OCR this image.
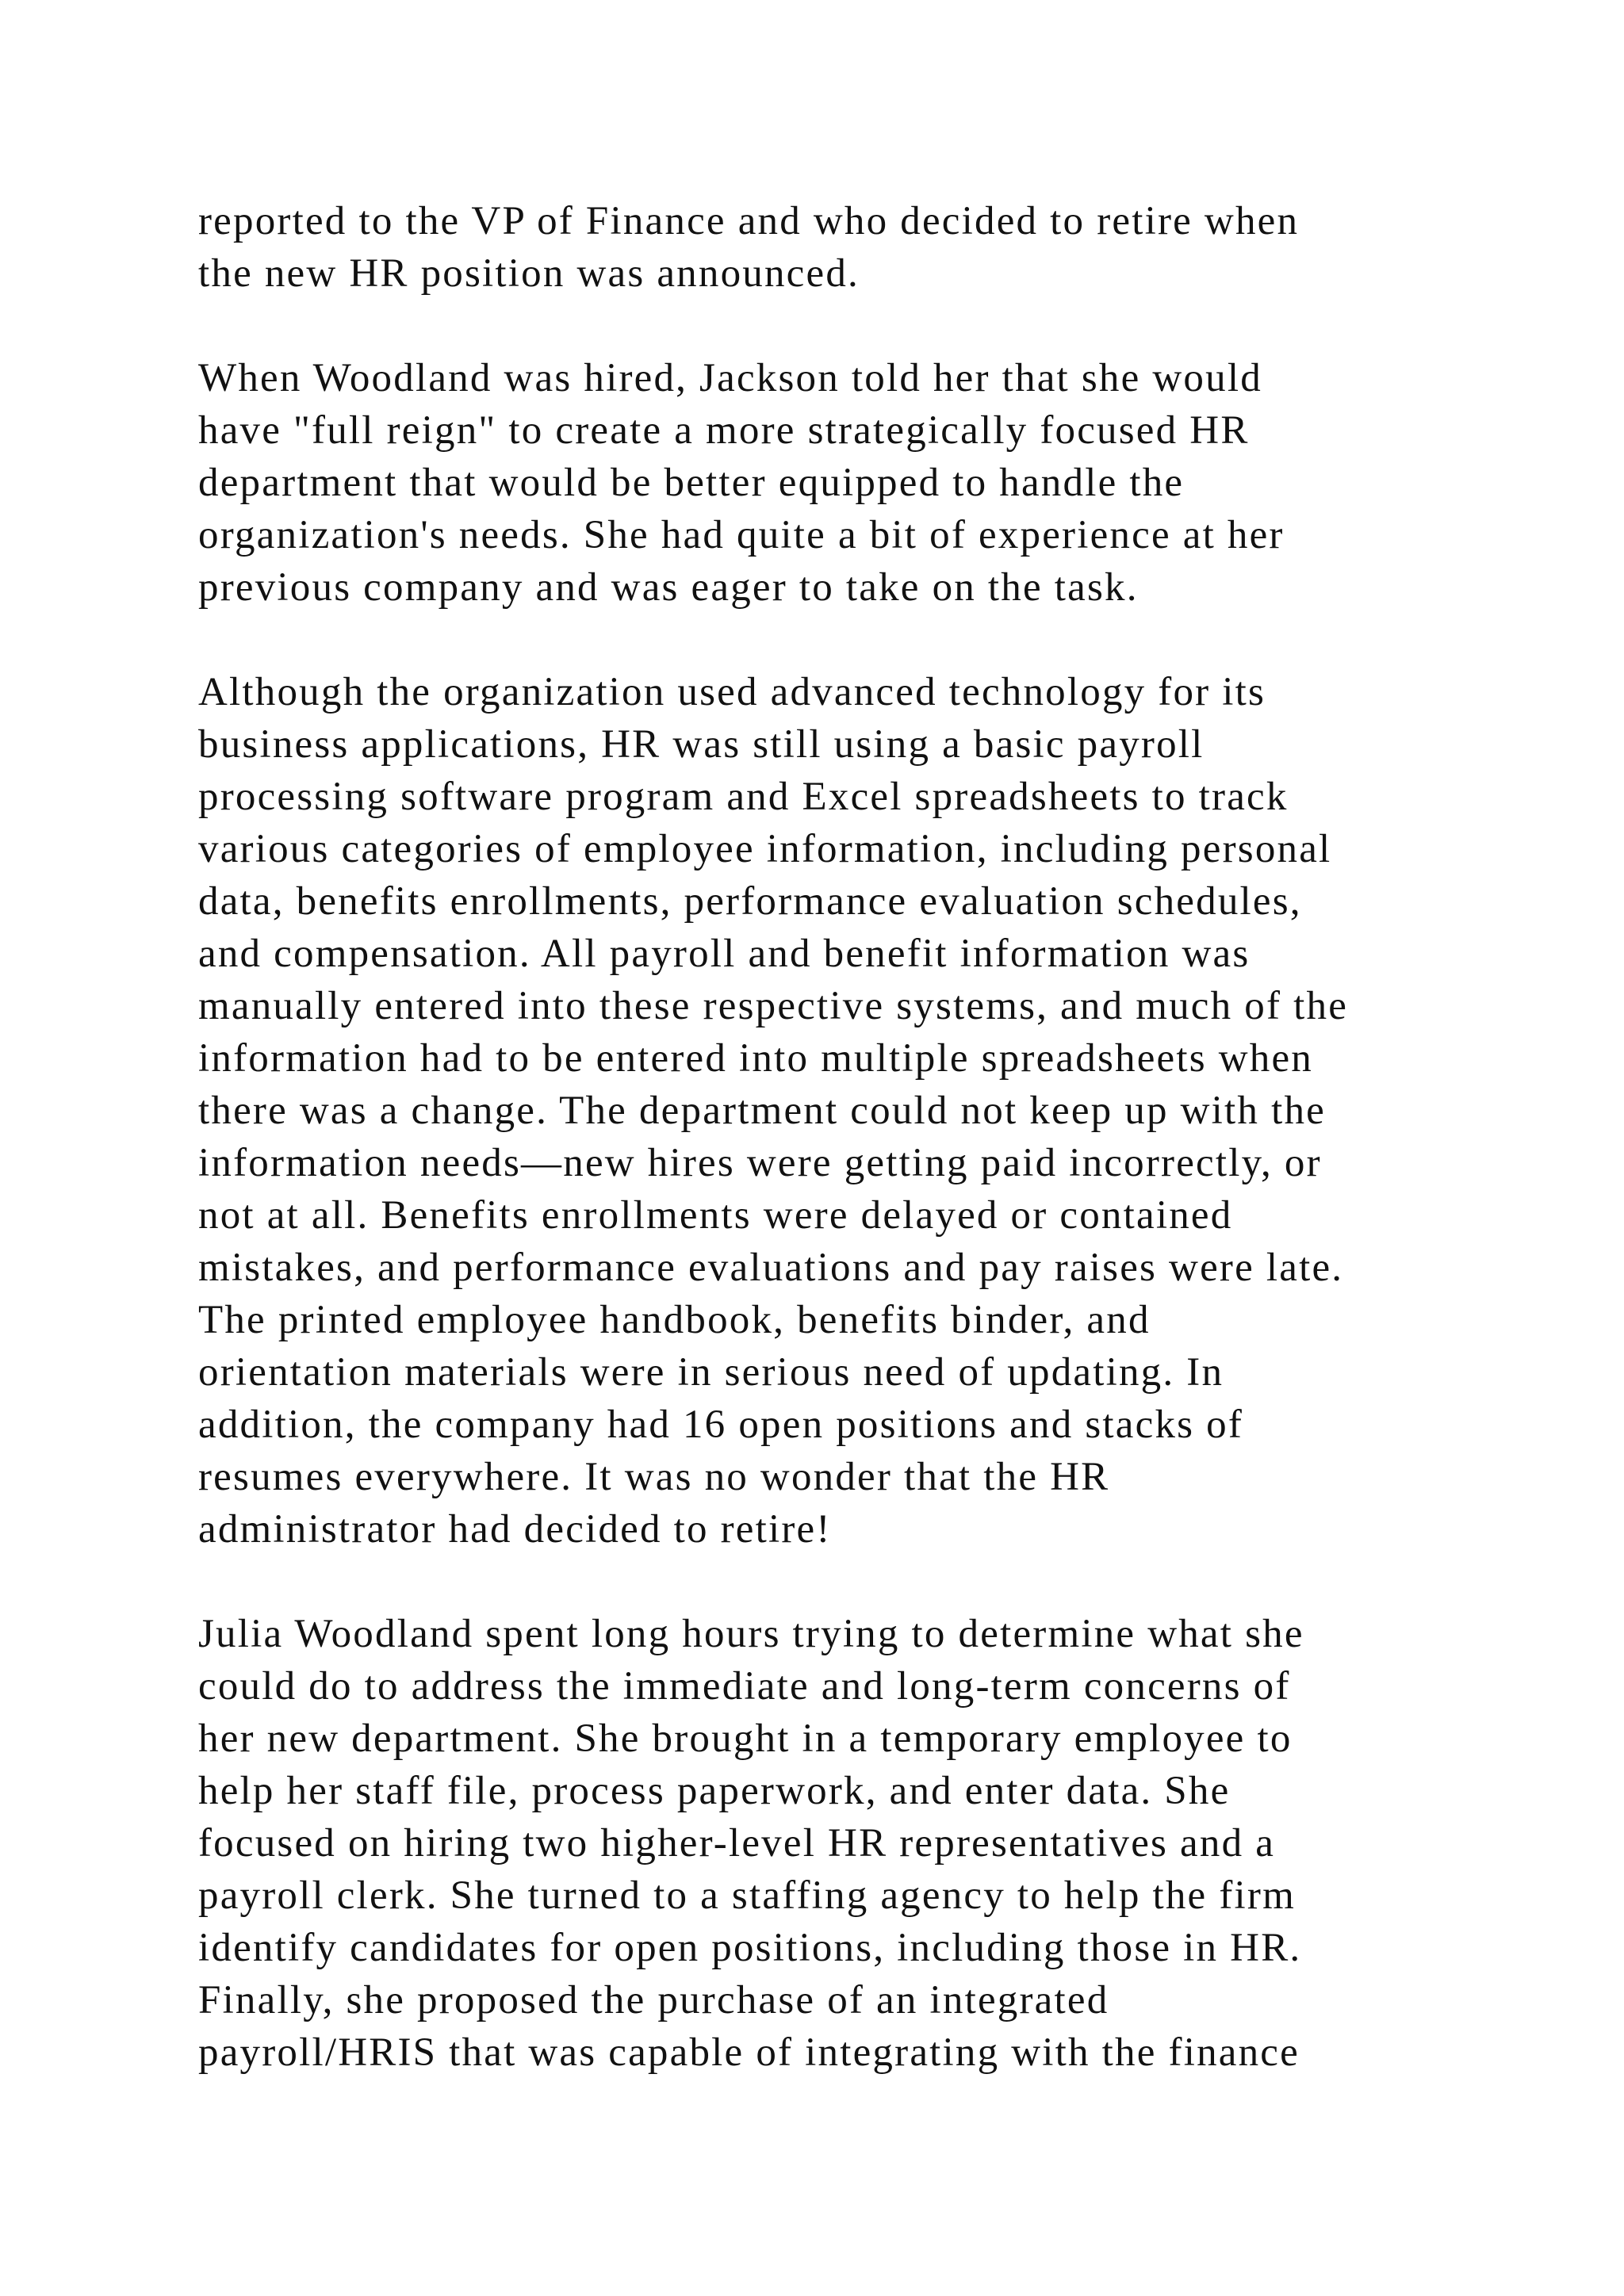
reported to the VP of Finance and who decided to retire when
the new HR position was announced.

When Woodland was hired, Jackson told her that she would
have "full reign" to create a more strategically focused HR
department that would be better equipped to handle the
organization's needs. She had quite a bit of experience at her
previous company and was eager to take on the task.

Although the organization used advanced technology for its
business applications, HR was still using a basic payroll
processing software program and Excel spreadsheets to track
various categories of employee information, including personal
data, benefits enrollments, performance evaluation schedules,
and compensation. All payroll and benefit information was
manually entered into these respective systems, and much of the
information had to be entered into multiple spreadsheets when
there was a change. The department could not keep up with the
information needs—new hires were getting paid incorrectly, or
not at all. Benefits enrollments were delayed or contained
mistakes, and performance evaluations and pay raises were late.
The printed employee handbook, benefits binder, and
orientation materials were in serious need of updating. In
addition, the company had 16 open positions and stacks of
resumes everywhere. It was no wonder that the HR
administrator had decided to retire!

Julia Woodland spent long hours trying to determine what she
could do to address the immediate and long-term concerns of
her new department. She brought in a temporary employee to
help her staff file, process paperwork, and enter data. She
focused on hiring two higher-level HR representatives and a
payroll clerk. She turned to a staffing agency to help the firm
identify candidates for open positions, including those in HR.
Finally, she proposed the purchase of an integrated
payroll/HRIS that was capable of integrating with the finance
